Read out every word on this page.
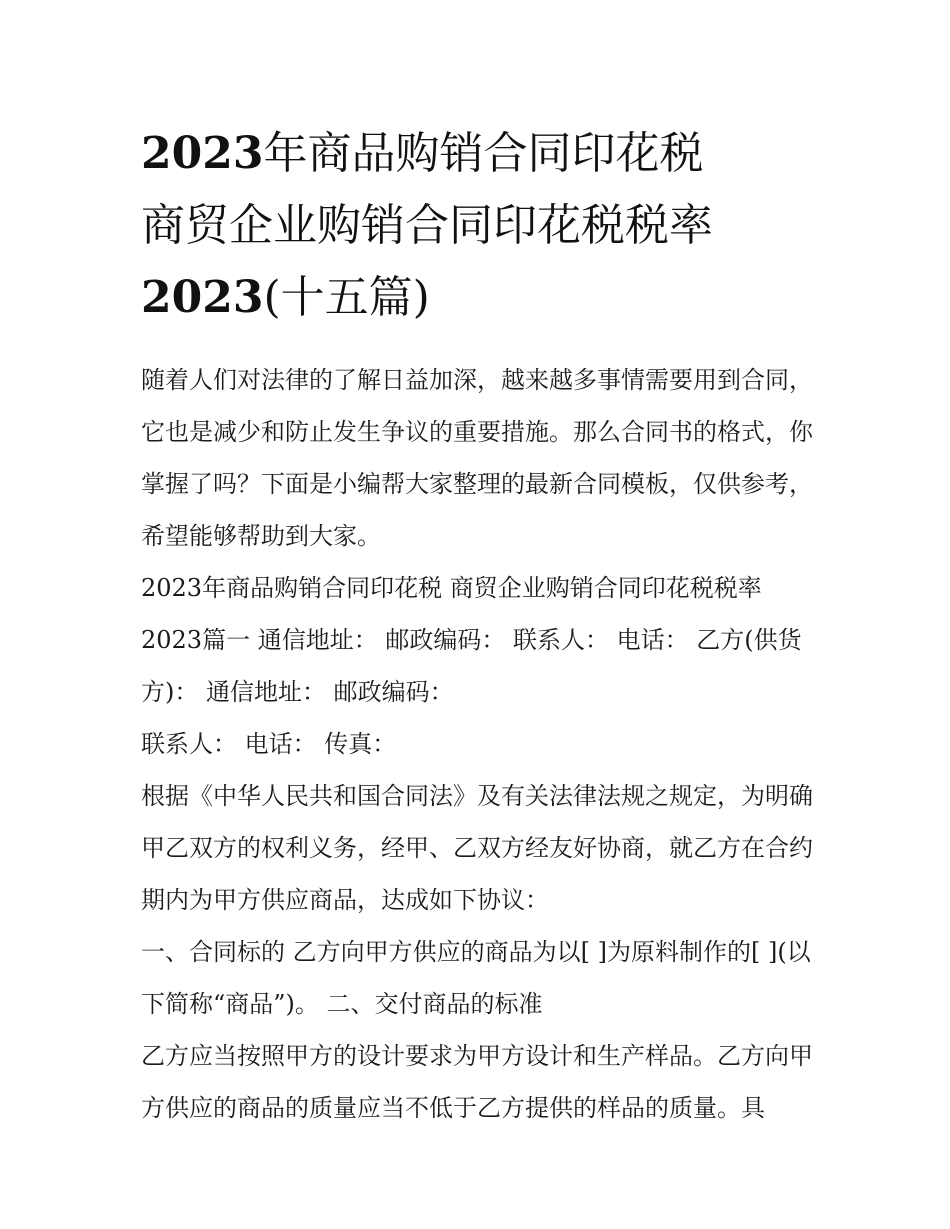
2023年商品购销合同印花税
商贸企业购销合同印花税税率
2023(十五篇)

随着人们对法律的了解日益加深，越来越多事情需要用到合同，它也是减少和防止发生争议的重要措施。那么合同书的格式，你掌握了吗？下面是小编帮大家整理的最新合同模板，仅供参考，希望能够帮助到大家。

2023年商品购销合同印花税 商贸企业购销合同印花税税率

2023篇一 通信地址： 邮政编码： 联系人： 电话： 乙方(供货方)： 通信地址： 邮政编码：

联系人： 电话： 传真：

根据《中华人民共和国合同法》及有关法律法规之规定，为明确甲乙双方的权利义务，经甲、乙双方经友好协商，就乙方在合约期内为甲方供应商品，达成如下协议：

一、合同标的 乙方向甲方供应的商品为以[ ]为原料制作的[ ](以下简称“商品”)。 二、交付商品的标准

乙方应当按照甲方的设计要求为甲方设计和生产样品。乙方向甲方供应的商品的质量应当不低于乙方提供的样品的质量。具
